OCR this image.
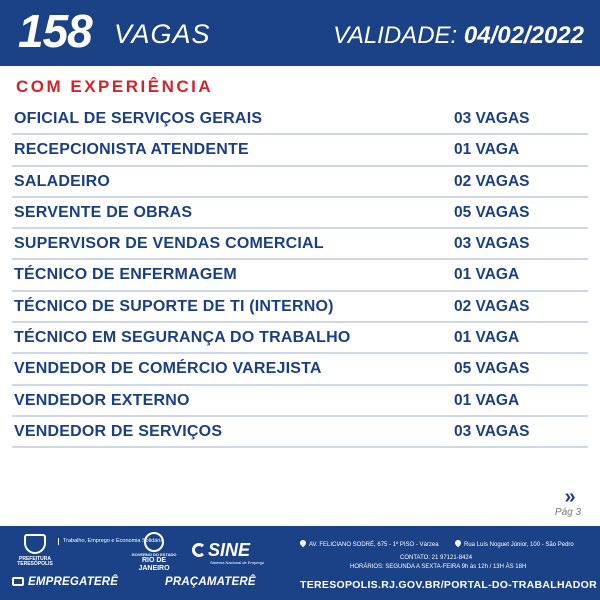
158 VAGAS	VALIDADE: 04/02/2022
COM EXPERIÊNCIA
OFICIAL DE SERVIÇOS GERAIS	03 VAGAS
RECEPCIONISTA ATENDENTE	01 VAGA
SALADEIRO	02 VAGAS
SERVENTE DE OBRAS	05 VAGAS
SUPERVISOR DE VENDAS COMERCIAL	03 VAGAS
TÉCNICO DE ENFERMAGEM	01 VAGA
TÉCNICO DE SUPORTE DE TI (INTERNO)	02 VAGAS
TÉCNICO EM SEGURANÇA DO TRABALHO	01 VAGA
VENDEDOR DE COMÉRCIO VAREJISTA	05 VAGAS
VENDEDOR EXTERNO	01 VAGA
VENDEDOR DE SERVIÇOS	03 VAGAS
»
Pág 3
PREFEITURA TERESÓPOLIS
Trabalho, Emprego e Economia Solidária
GOVERNO DO ESTADO
RIO DE JANEIRO
SINE
Sistema Nacional de Emprego
EMPREGATERÊ	PRAÇAMATERÊ
AV. FELICIANO SODRÉ, 675 - 1º PISO - Várzea	Rua Luís Noguet Júnior, 100 - São Pedro
CONTATO: 21 97121-8424
HORÁRIOS: SEGUNDA A SEXTA-FEIRA 9h às 12h / 13H ÀS 18H
TERESOPOLIS.RJ.GOV.BR/PORTAL-DO-TRABALHADOR
